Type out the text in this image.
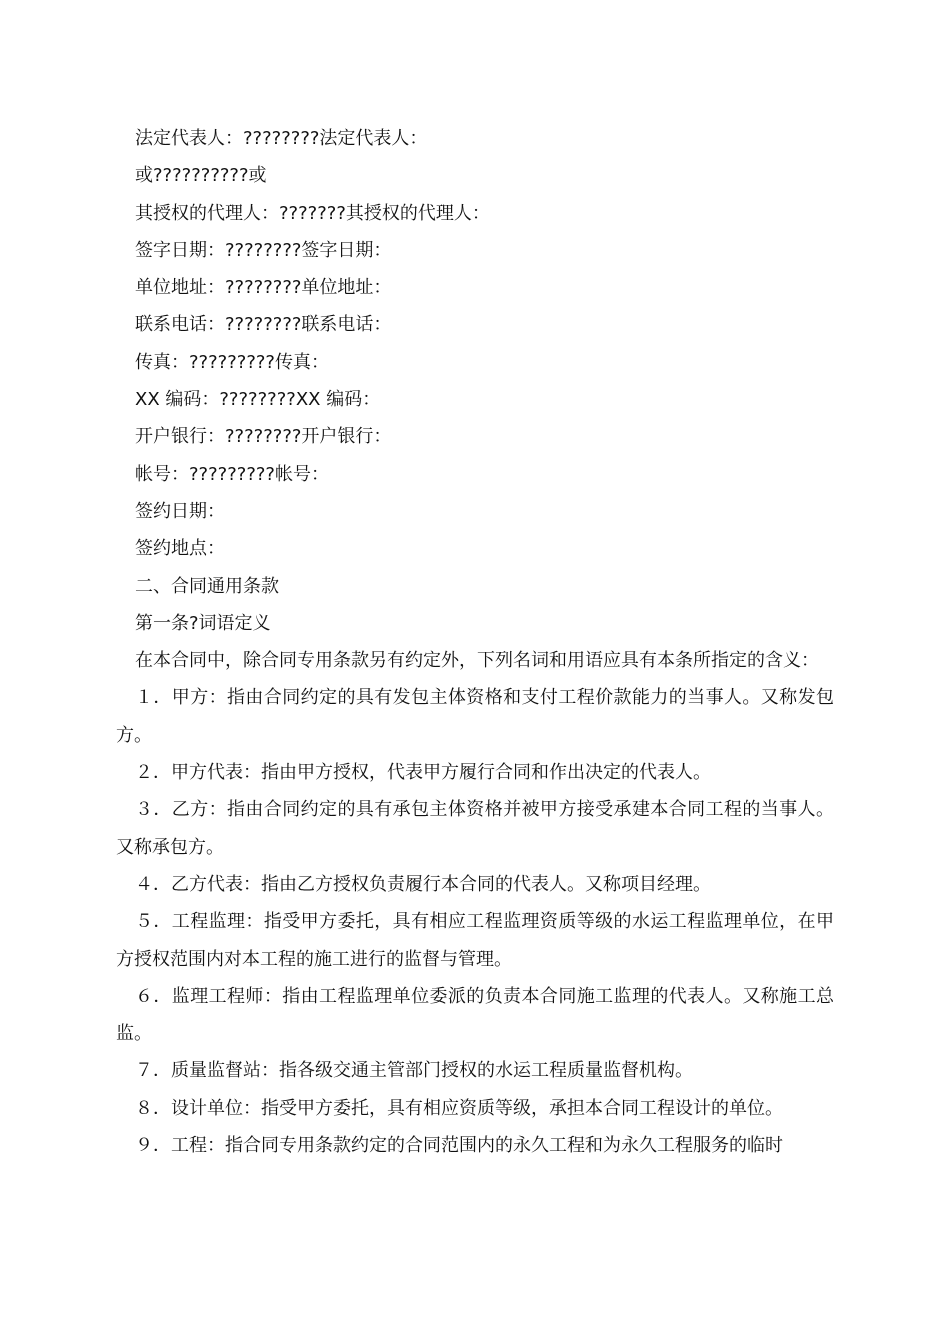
法定代表人：????????法定代表人：
或??????????或
其授权的代理人：???????其授权的代理人：
签字日期：????????签字日期：
单位地址：????????单位地址：
联系电话：????????联系电话：
传真：?????????传真：
XX 编码：????????XX 编码：
开户银行：????????开户银行：
帐号：?????????帐号：
签约日期：
签约地点：
二、合同通用条款
第一条?词语定义

在本合同中，除合同专用条款另有约定外，下列名词和用语应具有本条所指定的含义：

１．甲方：指由合同约定的具有发包主体资格和支付工程价款能力的当事人。又称发包方。

２．甲方代表：指由甲方授权，代表甲方履行合同和作出决定的代表人。

３．乙方：指由合同约定的具有承包主体资格并被甲方接受承建本合同工程的当事人。又称承包方。

４．乙方代表：指由乙方授权负责履行本合同的代表人。又称项目经理。

５．工程监理：指受甲方委托，具有相应工程监理资质等级的水运工程监理单位，在甲方授权范围内对本工程的施工进行的监督与管理。

６．监理工程师：指由工程监理单位委派的负责本合同施工监理的代表人。又称施工总监。

７．质量监督站：指各级交通主管部门授权的水运工程质量监督机构。

８．设计单位：指受甲方委托，具有相应资质等级，承担本合同工程设计的单位。

９．工程：指合同专用条款约定的合同范围内的永久工程和为永久工程服务的临时
